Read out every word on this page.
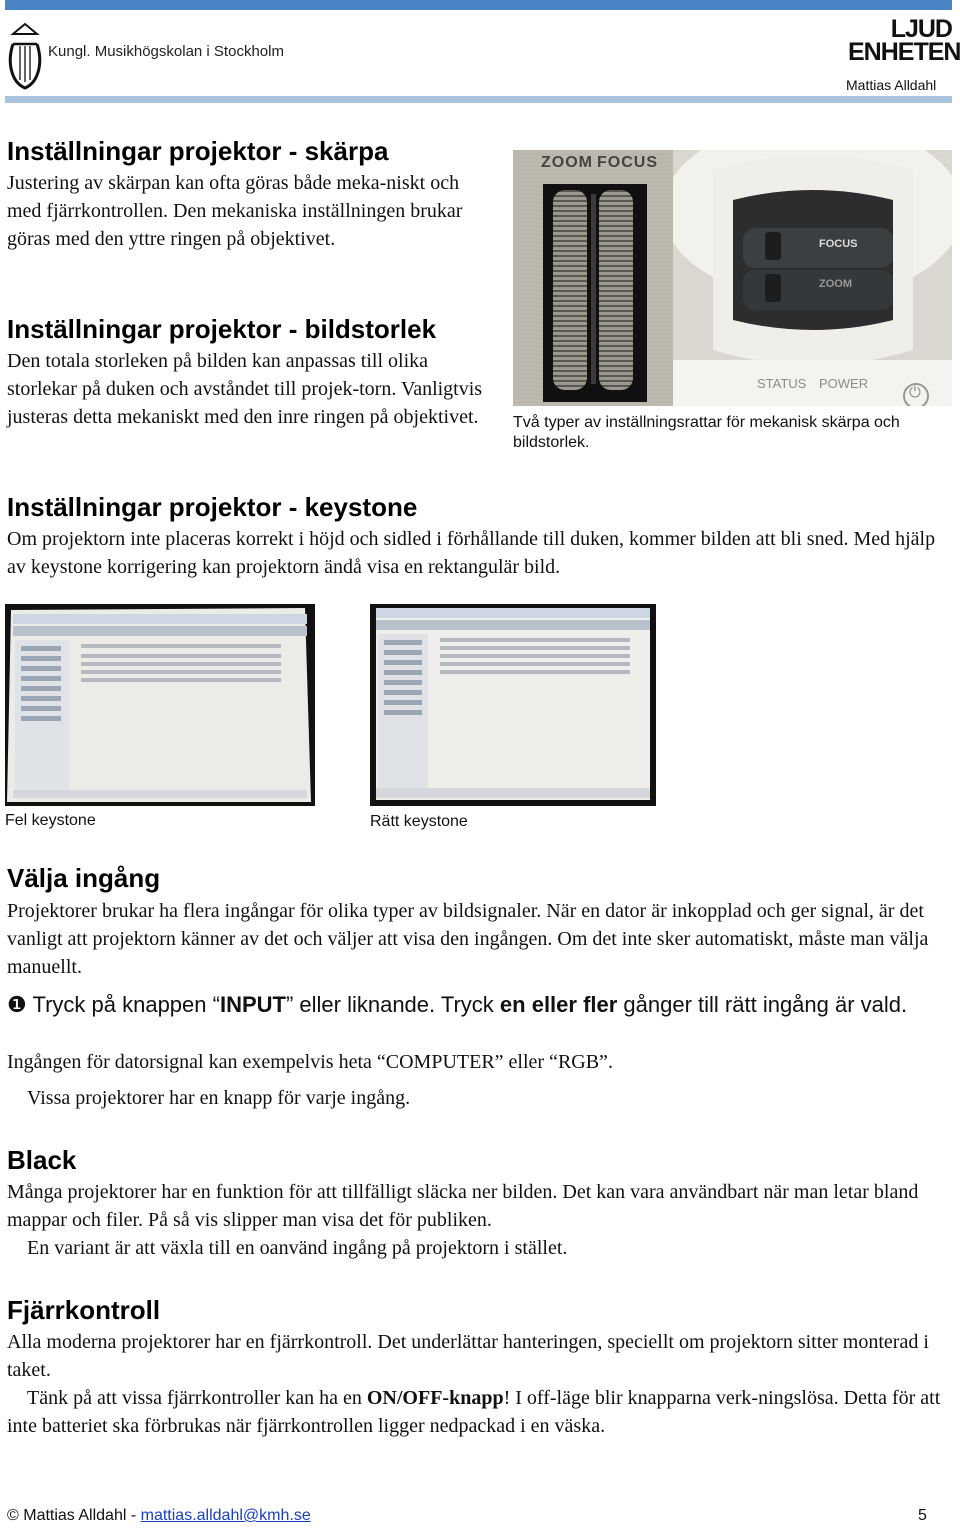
Kungl. Musikhögskolan i Stockholm
LJUD
ENHETEN
Mattias Alldahl
Inställningar projektor - skärpa

Justering av skärpan kan ofta göras både meka-niskt och med fjärrkontrollen. Den mekaniska inställningen brukar göras med den yttre ringen på objektivet.

Inställningar projektor - bildstorlek

Den totala storleken på bilden kan anpassas till olika storlekar på duken och avståndet till projek-torn. Vanligtvis justeras detta mekaniskt med den inre ringen på objektivet.

ZOOM FOCUS
FOCUS
ZOOM
STATUS POWER
⏻
Två typer av inställningsrattar för mekanisk skärpa och bildstorlek.
Inställningar projektor - keystone

Om projektorn inte placeras korrekt i höjd och sidled i förhållande till duken, kommer bilden att bli sned. Med hjälp av keystone korrigering kan projektorn ändå visa en rektangulär bild.

Fel keystone	Rätt keystone
Välja ingång

Projektorer brukar ha flera ingångar för olika typer av bildsignaler. När en dator är inkopplad och ger signal, är det vanligt att projektorn känner av det och väljer att visa den ingången. Om det inte sker automatiskt, måste man välja manuellt.

❶ Tryck på knappen “INPUT” eller liknande. Tryck en eller fler gånger till rätt ingång är vald.

Ingången för datorsignal kan exempelvis heta “COMPUTER” eller “RGB”.

Vissa projektorer har en knapp för varje ingång.

Black

Många projektorer har en funktion för att tillfälligt släcka ner bilden. Det kan vara användbart när man letar bland mappar och filer. På så vis slipper man visa det för publiken.

En variant är att växla till en oanvänd ingång på projektorn i stället.

Fjärrkontroll

Alla moderna projektorer har en fjärrkontroll. Det underlättar hanteringen, speciellt om projektorn sitter monterad i taket.

Tänk på att vissa fjärrkontroller kan ha en ON/OFF-knapp! I off-läge blir knapparna verk-ningslösa. Detta för att inte batteriet ska förbrukas när fjärrkontrollen ligger nedpackad i en väska.

© Mattias Alldahl - mattias.alldahl@kmh.se	5
